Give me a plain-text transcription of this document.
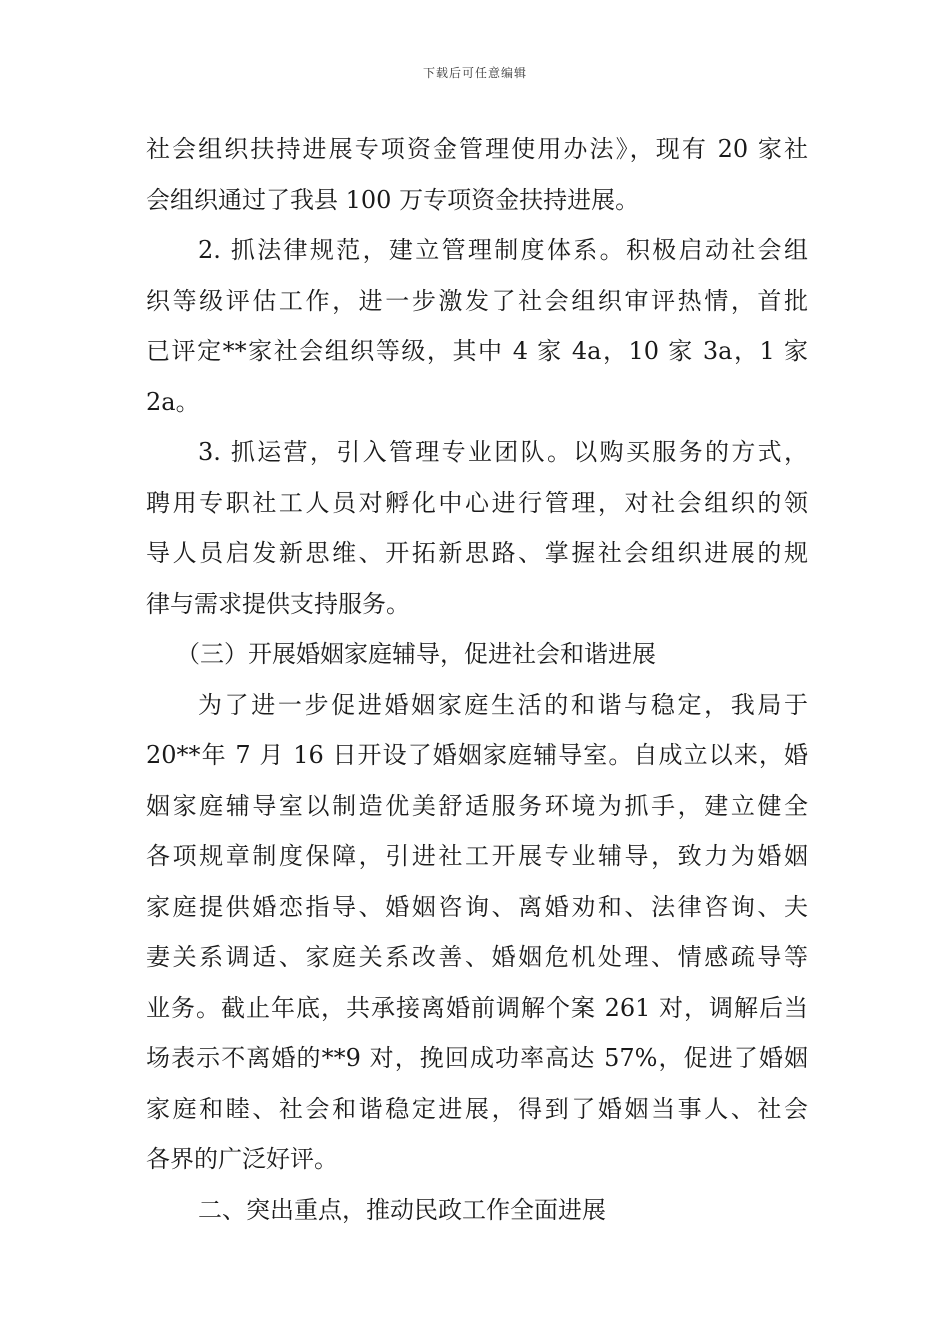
下载后可任意编辑
社会组织扶持进展专项资金管理使用办法》，现有 20 家社
会组织通过了我县 100 万专项资金扶持进展。
2. 抓法律规范，建立管理制度体系。积极启动社会组
织等级评估工作，进一步激发了社会组织审评热情，首批
已评定**家社会组织等级，其中 4 家 4a，10 家 3a，1 家
2a。
3. 抓运营，引入管理专业团队。以购买服务的方式，
聘用专职社工人员对孵化中心进行管理，对社会组织的领
导人员启发新思维、开拓新思路、掌握社会组织进展的规
律与需求提供支持服务。
（三）开展婚姻家庭辅导，促进社会和谐进展
为了进一步促进婚姻家庭生活的和谐与稳定，我局于
20**年 7 月 16 日开设了婚姻家庭辅导室。自成立以来，婚
姻家庭辅导室以制造优美舒适服务环境为抓手，建立健全
各项规章制度保障，引进社工开展专业辅导，致力为婚姻
家庭提供婚恋指导、婚姻咨询、离婚劝和、法律咨询、夫
妻关系调适、家庭关系改善、婚姻危机处理、情感疏导等
业务。截止年底，共承接离婚前调解个案 261 对，调解后当
场表示不离婚的**9 对，挽回成功率高达 57%，促进了婚姻
家庭和睦、社会和谐稳定进展，得到了婚姻当事人、社会
各界的广泛好评。
二、突出重点，推动民政工作全面进展
